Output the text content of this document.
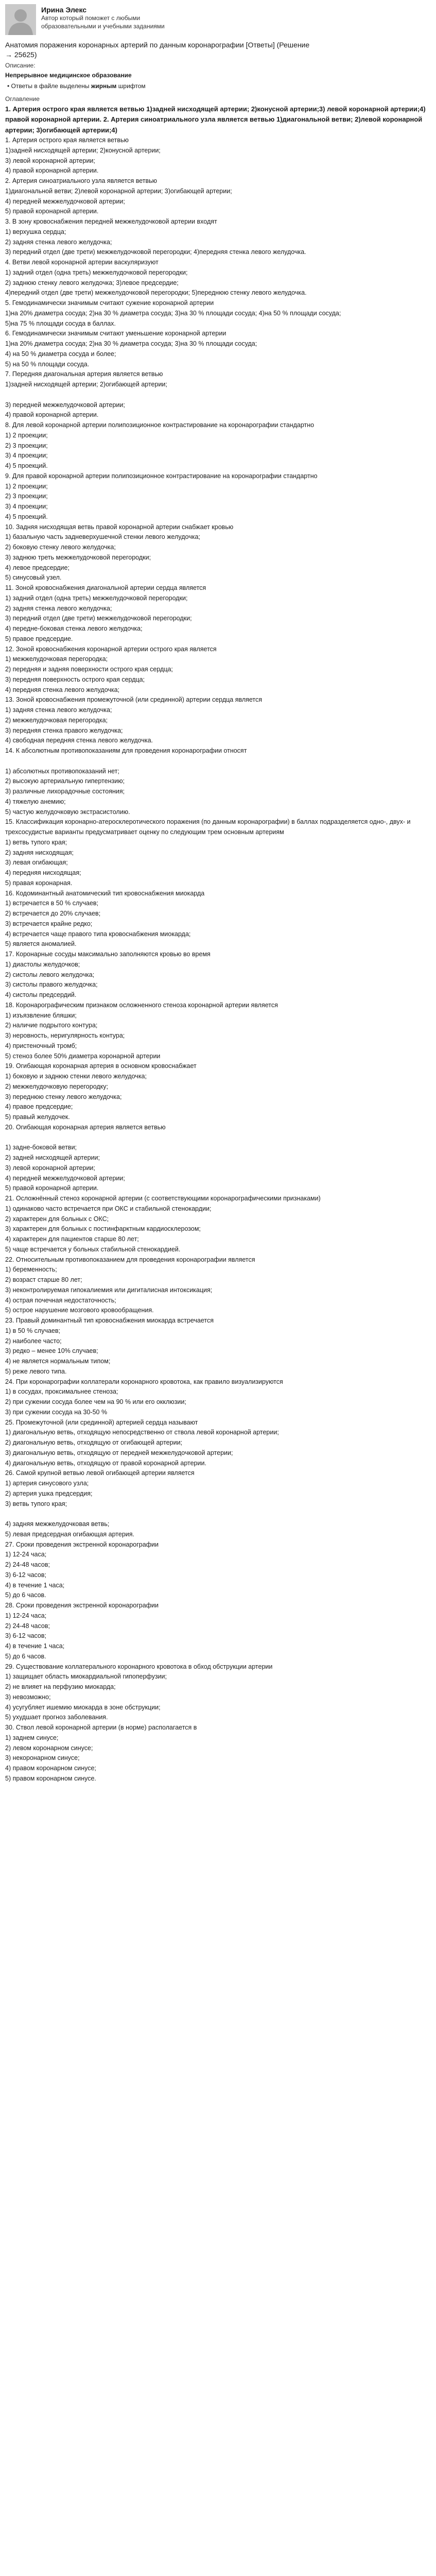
Ирина Элекс
Автор который поможет с любыми образовательными и учебными заданиями
Анатомия поражения коронарных артерий по данным коронарографии [Ответы] (Решение → 25625)
Описание:
Непрерывное медицинское образование
• Ответы в файле выделены жирным шрифтом
Оглавление
1. Артерия острого края является ветвью 1)задней нисходящей артерии; 2)конусной артерии;3) левой коронарной артерии;4) правой коронарной артерии. 2. Артерия синоатриального узла является ветвью 1)диагональной ветви; 2)левой коронарной артерии; 3)огибающей артерии;4)
1. Артерия острого края является ветвью
1)задней нисходящей артерии; 2)конусной артерии;
3) левой коронарной артерии;
4) правой коронарной артерии.
2. Артерия синоатриального узла является ветвью
1)диагональной ветви; 2)левой коронарной артерии; 3)огибающей артерии;
4) передней межжелудочковой артерии;
5) правой коронарной артерии.
3. В зону кровоснабжения передней межжелудочковой артерии входят
1) верхушка сердца;
2) задняя стенка левого желудочка;
3) передний отдел (две трети) межжелудочковой перегородки; 4)передняя стенка левого желудочка.
4. Ветви левой коронарной артерии васкуляризуют
1) задний отдел (одна треть) межжелудочковой перегородки;
2) заднюю стенку левого желудочка; 3)левое предсердие;
4)передний отдел (две трети) межжелудочковой перегородки; 5)переднюю стенку левого желудочка.
5. Гемодинамически значимым считают сужение коронарной артерии
1)на 20% диаметра сосуда; 2)на 30 % диаметра сосуда; 3)на 30 % площади сосуда; 4)на 50 % площади сосуда;
5)на 75 % площади сосуда в баллах.
6. Гемодинамически значимым считают уменьшение коронарной артерии
1)на 20% диаметра сосуда; 2)на 30 % диаметра сосуда; 3)на 30 % площади сосуда;
4) на 50 % диаметра сосуда и более;
5) на 50 % площади сосуда.
7. Передняя диагональная артерия является ветвью
1)задней нисходящей артерии; 2)огибающей артерии;

3) передней межжелудочковой артерии;
4) правой коронарной артерии.
8. Для левой коронарной артерии полипозиционное контрастирование на коронарографии стандартно
1) 2 проекции;
2) 3 проекции;
3) 4 проекции;
4) 5 проекций.
9. Для правой коронарной артерии полипозиционное контрастирование на коронарографии стандартно
1) 2 проекции;
2) 3 проекции;
3) 4 проекции;
4) 5 проекций.
10. Задняя нисходящая ветвь правой коронарной артерии снабжает кровью
1) базальную часть задневерхушечной стенки левого желудочка;
2) боковую стенку левого желудочка;
3) заднюю треть межжелудочковой перегородки;
4) левое предсердие;
5) синусовый узел.
11. Зоной кровоснабжения диагональной артерии сердца является
1) задний отдел (одна треть) межжелудочковой перегородки;
2) задняя стенка левого желудочка;
3) передний отдел (две трети) межжелудочковой перегородки;
4) передне-боковая стенка левого желудочка;
5) правое предсердие.
12. Зоной кровоснабжения коронарной артерии острого края является
1) межжелудочковая перегородка;
2) передняя и задняя поверхности острого края сердца;
3) передняя поверхность острого края сердца;
4) передняя стенка левого желудочка;
13. Зоной кровоснабжения промежуточной (или срединной) артерии сердца является
1) задняя стенка левого желудочка;
2) межжелудочковая перегородка;
3) передняя стенка правого желудочка;
4) свободная передняя стенка левого желудочка.
14. К абсолютным противопоказаниям для проведения коронарографии относят

1) абсолютных противопоказаний нет;
2) высокую артериальную гипертензию;
3) различные лихорадочные состояния;
4) тяжелую анемию;
5) частую желудочковую экстрасистолию.
15. Классификация коронарно-атеросклеротического поражения (по данным коронарографии) в баллах подразделяется одно-, двух- и трехсосудистые варианты предусматривает оценку по следующим трем основным артериям
1) ветвь тупого края;
2) задняя нисходящая;
3) левая огибающая;
4) передняя нисходящая;
5) правая коронарная.
16. Кодоминантный анатомический тип кровоснабжения миокарда
1) встречается в 50 % случаев;
2) встречается до 20% случаев;
3) встречается крайне редко;
4) встречается чаще правого типа кровоснабжения миокарда;
5) является аномалией.
17. Коронарные сосуды максимально заполняются кровью во время
1) диастолы желудочков;
2) систолы левого желудочка;
3) систолы правого желудочка;
4) систолы предсердий.
18. Коронарографическим признаком осложненного стеноза коронарной артерии является
1) изъязвление бляшки;
2) наличие подрытого контура;
3) неровность, неригулярность контура;
4) пристеночный тромб;
5) стеноз более 50% диаметра коронарной артерии
19. Огибающая коронарная артерия в основном кровоснабжает
1) боковую и заднюю стенки левого желудочка;
2) межжелудочковую перегородку;
3) переднюю стенку левого желудочка;
4) правое предсердие;
5) правый желудочек.
20. Огибающая коронарная артерия является ветвью

1) задне-боковой ветви;
2) задней нисходящей артерии;
3) левой коронарной артерии;
4) передней межжелудочковой артерии;
5) правой коронарной артерии.
21. Осложнённый стеноз коронарной артерии (с соответствующими коронарографическими признаками)
1) одинаково часто встречается при ОКС и стабильной стенокардии;
2) характерен для больных с ОКС;
3) характерен для больных с постинфарктным кардиосклерозом;
4) характерен для пациентов старше 80 лет;
5) чаще встречается у больных стабильной стенокардией.
22. Относительным противопоказанием для проведения коронарографии является
1) беременность;
2) возраст старше 80 лет;
3) неконтролируемая гипокалиемия или дигиталисная интоксикация;
4) острая почечная недостаточность;
5) острое нарушение мозгового кровообращения.
23. Правый доминантный тип кровоснабжения миокарда встречается
1) в 50 % случаев;
2) наиболее часто;
3) редко – менее 10% случаев;
4) не является нормальным типом;
5) реже левого типа.
24. При коронарографии коллатерали коронарного кровотока, как правило визуализируются
1) в сосудах, проксимальнее стеноза;
2) при сужении сосуда более чем на 90 % или его окклюзии;
3) при сужении сосуда на 30-50 %
25. Промежуточной (или срединной) артерией сердца называют
1) диагональную ветвь, отходящую непосредственно от ствола левой коронарной артерии;
2) диагональную ветвь, отходящую от огибающей артерии;
3) диагональную ветвь, отходящую от передней межжелудочковой артерии;
4) диагональную ветвь, отходящую от правой коронарной артерии.
26. Самой крупной ветвью левой огибающей артерии является
1) артерия синусового узла;
2) артерия ушка предсердия;
3) ветвь тупого края;

4) задняя межжелудочковая ветвь;
5) левая предсердная огибающая артерия.
27. Сроки проведения экстренной коронарографии
1) 12-24 часа;
2) 24-48 часов;
3) 6-12 часов;
4) в течение 1 часа;
5) до 6 часов.
28. Сроки проведения экстренной коронарографии
1) 12-24 часа;
2) 24-48 часов;
3) 6-12 часов;
4) в течение 1 часа;
5) до 6 часов.
29. Существование коллатерального коронарного кровотока в обход обструкции артерии
1) защищает область миокардиальной гипоперфузии;
2) не влияет на перфузию миокарда;
3) невозможно;
4) усугубляет ишемию миокарда в зоне обструкции;
5) ухудшает прогноз заболевания.
30. Ствол левой коронарной артерии (в норме) располагается в
1) заднем синусе;
2) левом коронарном синусе;
3) некоронарном синусе;
4) правом коронарном синусе;
5) правом коронарном синусе.
